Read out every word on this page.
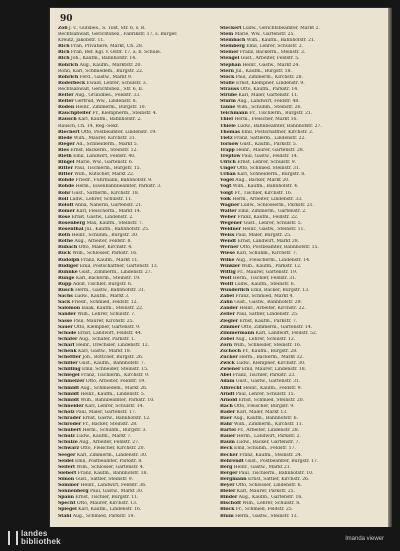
90
Zob J. v., Gutsbes., S. Tilst, Str. 6, s. B.
Rechtsanwalt, Gerichtsbez., Fabrikstr. 17, s. Bürger.
Kreutz, Jakobstr. 11.
Rich Fran, Privatiere, Markt, Ch. 28.
Rich Fran, Ber. Kgl. v. Ostfr. 17, a. b. Schule.
Rich Joh., Kaufm., Bahnhofstr. 14.
Rohrich Aug., Kaufm., Marktstr. 20.
Rohn, Karl, Schmiedem., Burgstr. 22.
Rohrich Ferd., Gastw., Markt 9.
Roderbeck Ewald, Lehrer, Schulstr. 3.
Rechtsanwalt, Gerichtsbez., Str. 6, II.
Reiter Aug., Grundbes., Feldstr. 33.
Reiter Gertrud, Ww., Lindenstr. 8.
Roden Heinr., Zimmerm., Burgstr. 10.
Rauchpfeifer Fr., Klempnerm., Steinstr. 4.
Rausch Karl, Kaufm., Bahnhofstr. 2.
Rausch, Ch. 14, Reg.-Sekr.
Riechert Otto, Postbeamter, Lindenstr. 19.
Riede Wilh., Maurer, Kirchstr. 31.
Rieger Ad., Schneiderm., Markt 5.
Ries Ernst, Bäckerm., Steinstr. 12.
Rieth Emil, Landwirt, Feldstr. 40.
Ringel Marie, Ww., Gartenstr. 6.
Ritter Paul, Tischlerm., Burgstr. 15.
Ritter Wilh., Kutscher, Markt 22.
Rohde Friedr., Fuhrmann, Bahnhofstr. 9.
Rohde Herm., Eisenbahnbeamter, Parkstr. 3.
Rohr Gust., Sattlerm., Kirchstr. 18.
Roll Ludw., Lehrer, Schulstr. 11.
Roloff Anna, Näherin, Gartenstr. 21.
Romer Karl, Fleischerm., Markt 14.
Rose Ernst, Gastw., Lindenstr. 2.
Rosenberg Max, Kaufm., Steinstr. 7.
Rosenthal Jul., Kaufm., Bahnhofstr. 25.
Roth Heinr., Schuhm., Burgstr. 30.
Rothe Aug., Arbeiter, Feldstr. 8.
Rubach Otto, Maler, Kirchstr. 4.
Ruck Wilh., Schlosser, Parkstr. 16.
Rudolph Franz, Kaufm., Markt 11.
Rüdiger Emil, Postschaffner, Gartenstr. 13.
Ruhnke Gust., Zimmerm., Lindenstr. 27.
Runge Karl, Bäckerm., Steinstr. 19.
Rupp Adolf, Tischler, Burgstr. 6.
Rusch Herm., Gastw., Bahnhofstr. 31.
Sachs Ludw., Kaufm., Markt 3.
Sack Friedr., Schmied, Feldstr. 12.
Salomon Isaak, Kaufm., Steinstr. 22.
Sander Wilh., Lehrer, Schulstr. 7.
Sasse Paul, Maurer, Kirchstr. 25.
Sauer Otto, Klempner, Gartenstr. 9.
Schade Ernst, Landwirt, Feldstr. 44.
Schäfer Aug., Schäfer, Parkstr. 1.
Scharf Heinr., Drechsler, Lindenstr. 12.
Schenk Karl, Gastw., Markt 18.
Scheffler Joh., Böttcher, Burgstr. 26.
Schiller Gust., Kaufm., Bahnhofstr. 7.
Schilling Emil, Schneider, Steinstr. 15.
Schlegel Franz, Tischlerm., Kirchstr. 9.
Schmelzer Otto, Arbeiter, Feldstr. 19.
Schmidt Aug., Schmiedem., Markt 26.
Schmidt Heinr., Kaufm., Lindenstr. 5.
Schmidt Wilh., Bahnbeamter, Parkstr. 10.
Schneider Karl, Lehrer, Schulstr. 14.
Scholz Paul, Maler, Gartenstr. 17.
Schrader Ernst, Gastw., Bahnhofstr. 12.
Schröder Fr., Bäcker, Steinstr. 28.
Schubert Herm., Schuhm., Burgstr. 3.
Schulz Ludw., Kaufm., Markt 7.
Schulze Aug., Arbeiter, Feldstr. 27.
Schwarz Otto, Fleischer, Kirchstr. 20.
Seeger Karl, Zimmerm., Lindenstr. 30.
Seidel Emil, Postbeamter, Parkstr. 8.
Seifert Wilh., Schlosser, Gartenstr. 4.
Siebert Franz, Kaufm., Bahnhofstr. 18.
Simon Gust., Sattler, Steinstr. 9.
Sommer Heinr., Landwirt, Feldstr. 36.
Sonnenberg Paul, Gastw., Markt 30.
Spann Ernst, Tischler, Burgstr. 11.
Specht Otto, Maurer, Kirchstr. 13.
Spiegel Karl, Kaufm., Lindenstr. 16.
Stahl Aug., Schmied, Parkstr. 19.
Steckert Ludw., Gerichtsbeamter, Markt 2.
Stein Marie, Ww., Gartenstr. 25.
Steinbach Wilh., Kaufm., Bahnhofstr. 21.
Steinberg Emil, Lehrer, Schulstr. 2.
Steiner Franz, Bäckerm., Steinstr. 3.
Stengel Gust., Arbeiter, Feldstr. 5.
Stephan Heinr., Gastw., Markt 24.
Stern Jul., Kaufm., Burgstr. 18.
Stock Paul, Zimmerm., Kirchstr. 28.
Stolle Ernst, Klempner, Lindenstr. 9.
Strauss Otto, Kaufm., Parkstr. 14.
Strube Karl, Maler, Gartenstr. 11.
Sturm Aug., Landwirt, Feldstr. 48.
Tanne Wilh., Schuhm., Steinstr. 26.
Teichmann Fr., Tischlerm., Burgstr. 21.
Thiel Herm., Fleischer, Markt 16.
Thiele Ludw., Bahnbeamter, Bahnhofstr. 27.
Thomas Emil, Postschaffner, Kirchstr. 2.
Tietz Franz, Sattlerm., Lindenstr. 22.
Tornow Gust., Kaufm., Parkstr. 5.
Trapp Heinr., Maurer, Gartenstr. 28.
Treptow Paul, Gastw., Feldstr. 14.
Ulrich Ernst, Lehrer, Schulstr. 9.
Unger Otto, Schmied, Steinstr. 31.
Urban Karl, Schneiderm., Burgstr. 8.
Vogel Aug., Bäcker, Markt 20.
Vogt Wilh., Kaufm., Bahnhofstr. 4.
Voigt Fr., Tischler, Kirchstr. 16.
Volk Herm., Arbeiter, Lindenstr. 33.
Wagner Ludw., Schlosserm., Parkstr. 21.
Walter Emil, Zimmerm., Gartenstr. 2.
Weber Franz, Kaufm., Feldstr. 22.
Wegener Gust., Lehrer, Schulstr. 5.
Weidner Heinr., Gastw., Steinstr. 11.
Weiss Paul, Maler, Burgstr. 25.
Wendt Ernst, Landwirt, Markt 28.
Werner Otto, Postbeamter, Bahnhofstr. 15.
Wiese Karl, Schuhm., Kirchstr. 7.
Wilke Aug., Fleischerm., Lindenstr. 14.
Winkler Wilh., Kaufm., Parkstr. 12.
Wittig Fr., Maurer, Gartenstr. 19.
Wolf Herm., Tischler, Feldstr. 31.
Wolff Ludw., Kaufm., Steinstr. 6.
Wunderlich Emil, Bäcker, Burgstr. 13.
Zabel Franz, Schmied, Markt 4.
Zahn Gust., Gastw., Bahnhofstr. 29.
Zander Heinr., Arbeiter, Kirchstr. 22.
Zeller Paul, Sattler, Lindenstr. 25.
Ziegler Ernst, Kaufm., Parkstr. 7.
Zimmer Otto, Zimmerm., Gartenstr. 14.
Zimmermann Karl, Landwirt, Feldstr. 52.
Zobel Aug., Lehrer, Schulstr. 12.
Zorn Wilh., Schneider, Steinstr. 16.
Zschoch Fr., Kaufm., Burgstr. 28.
Zucker Herm., Bäckerm., Markt 32.
Zwick Ludw., Klempner, Kirchstr. 30.
Zwiener Emil, Maurer, Lindenstr. 18.
Abel Franz, Tischler, Parkstr. 23.
Adam Gust., Gastw., Gartenstr. 31.
Albrecht Heinr., Kaufm., Feldstr. 9.
Arndt Paul, Lehrer, Schulstr. 15.
Arnold Ernst, Schmied, Steinstr. 20.
Bach Otto, Fleischer, Burgstr. 9.
Bader Karl, Maler, Markt 13.
Baer Aug., Kaufm., Bahnhofstr. 6.
Bahr Wilh., Zimmerm., Kirchstr. 11.
Bartel Fr., Arbeiter, Lindenstr. 28.
Bauer Herm., Landwirt, Parkstr. 2.
Baum Ludw., Bäcker, Gartenstr. 7.
Beck Emil, Schuhm., Feldstr. 17.
Becker Franz, Kaufm., Steinstr. 24.
Behrendt Gust., Postbeamter, Burgstr. 17.
Berg Heinr., Gastw., Markt 21.
Berger Paul, Tischlerm., Bahnhofstr. 10.
Bergmann Ernst, Sattler, Kirchstr. 26.
Beyer Otto, Schlosser, Lindenstr. 6.
Bieler Karl, Maurer, Parkstr. 25.
Binder Aug., Kaufm., Gartenstr. 16.
Bischoff Wilh., Lehrer, Schulstr. 8.
Block Fr., Schmied, Feldstr. 25.
Blum Herm., Gastw., Steinstr. 13.
landes
bibliothek	lmanda viewer
